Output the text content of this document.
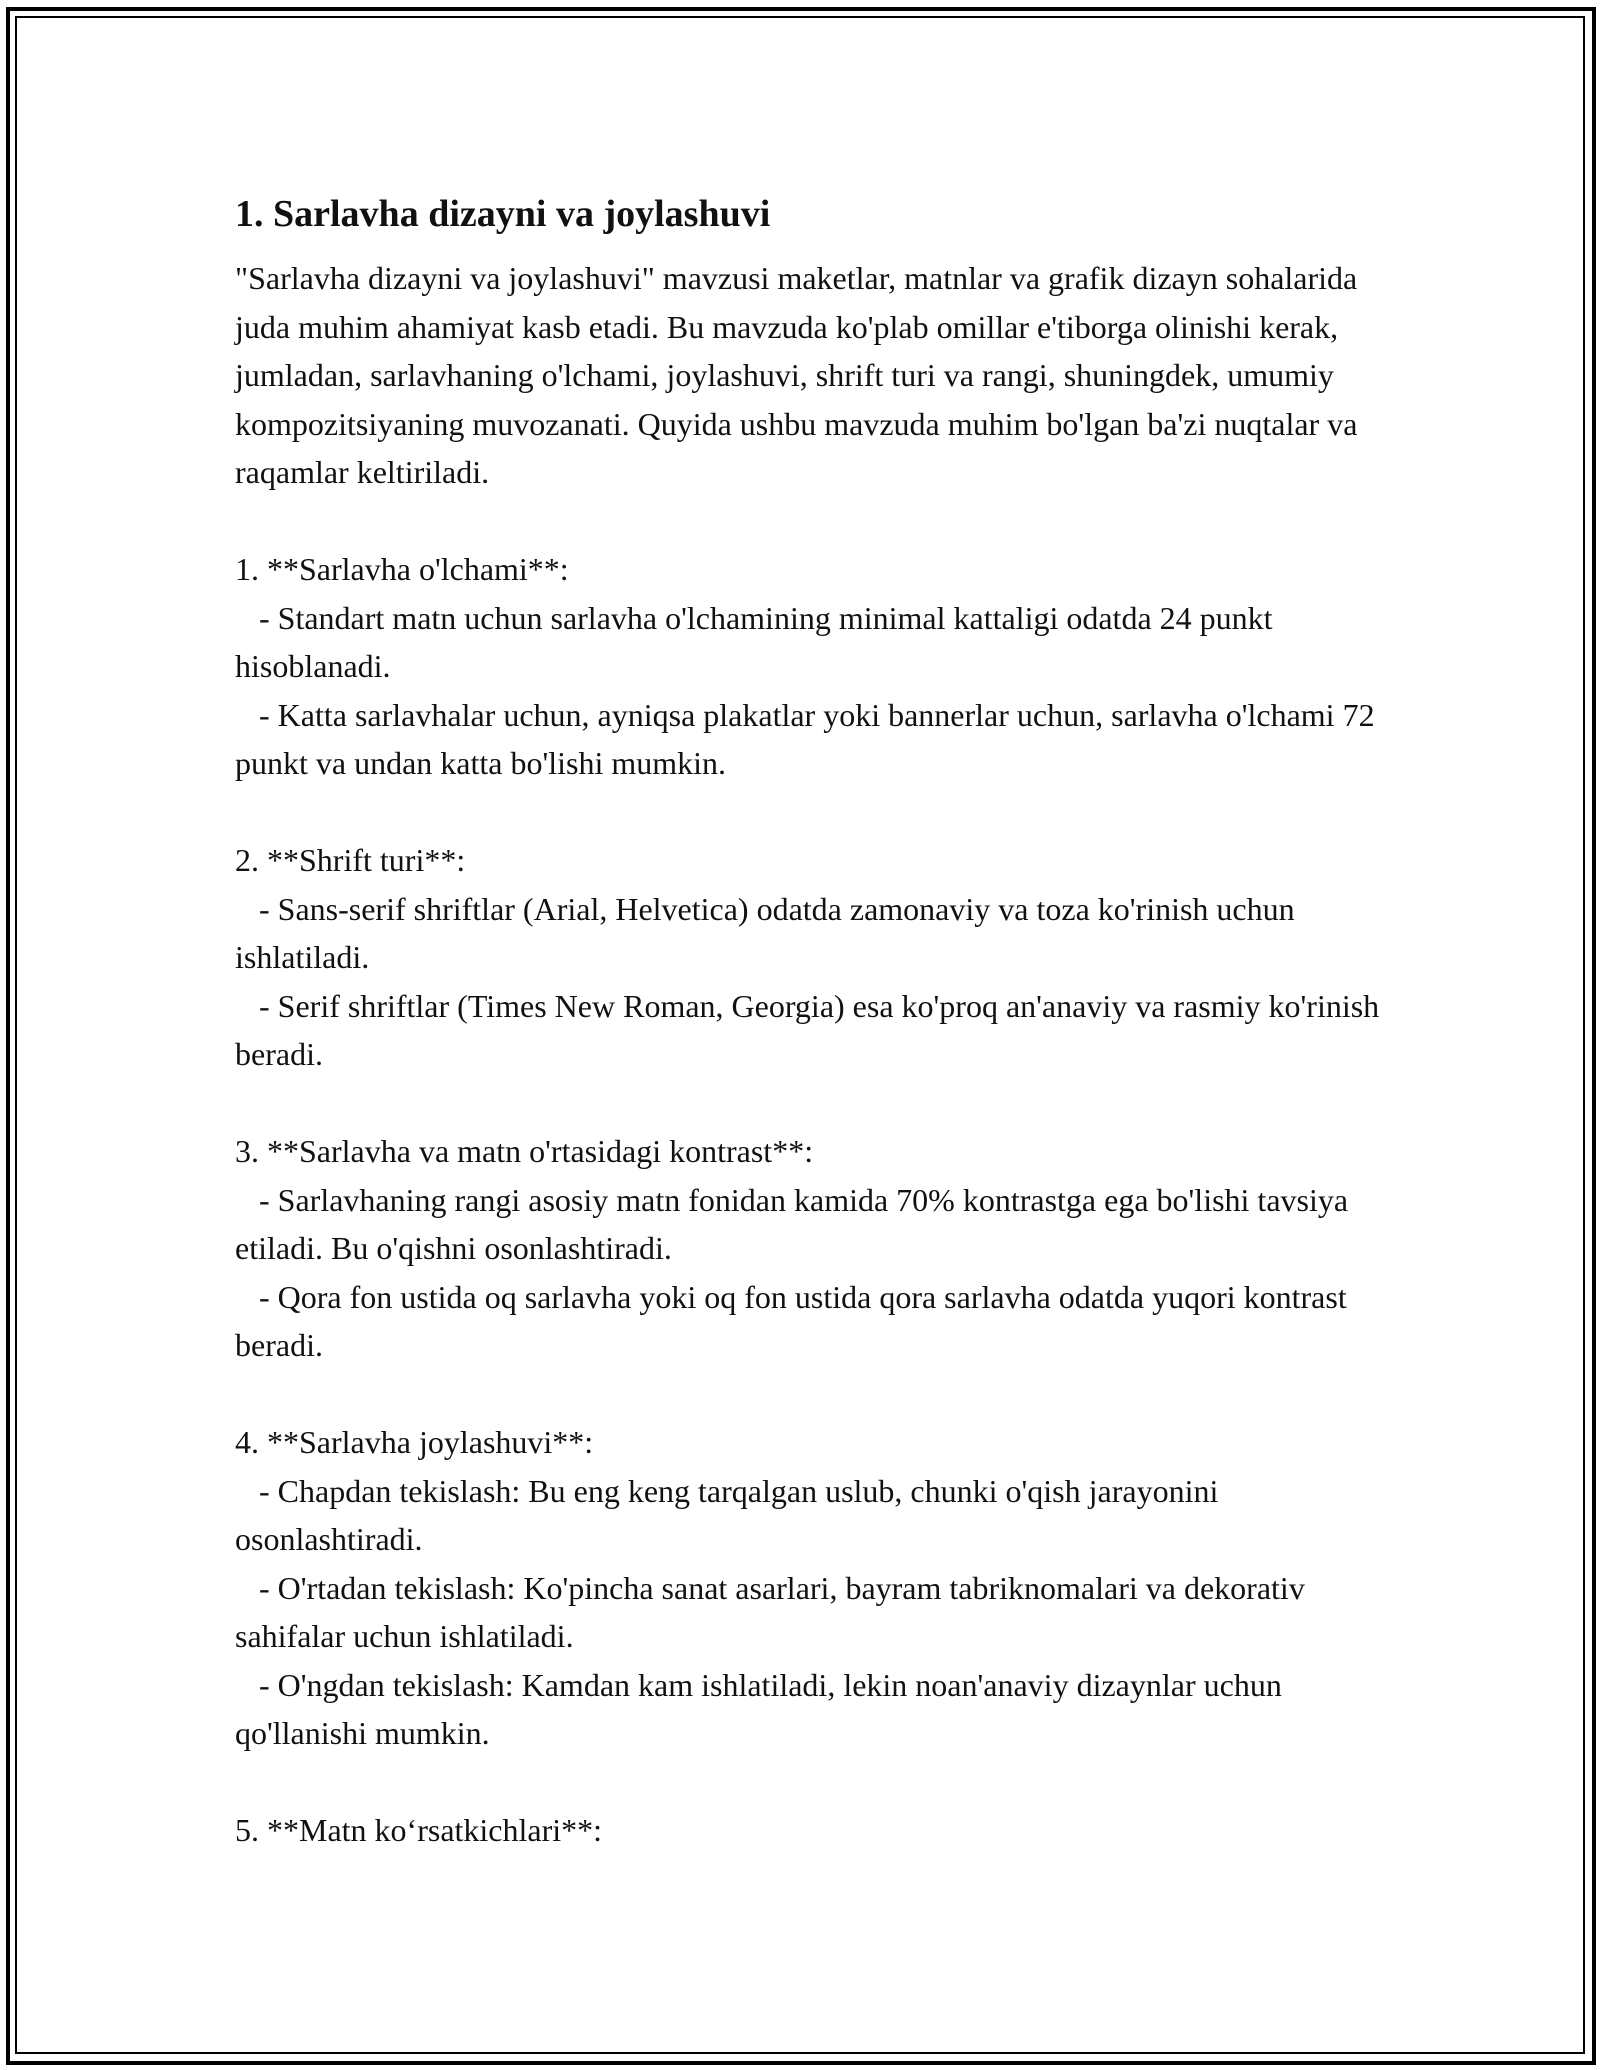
1. Sarlavha dizayni va joylashuvi

"Sarlavha dizayni va joylashuvi" mavzusi maketlar, matnlar va grafik dizayn sohalarida juda muhim ahamiyat kasb etadi. Bu mavzuda ko'plab omillar e'tiborga olinishi kerak, jumladan, sarlavhaning o'lchami, joylashuvi, shrift turi va rangi, shuningdek, umumiy kompozitsiyaning muvozanati. Quyida ushbu mavzuda muhim bo'lgan ba'zi nuqtalar va raqamlar keltiriladi.

1. **Sarlavha o'lchami**:

- Standart matn uchun sarlavha o'lchamining minimal kattaligi odatda 24 punkt hisoblanadi.

- Katta sarlavhalar uchun, ayniqsa plakatlar yoki bannerlar uchun, sarlavha o'lchami 72 punkt va undan katta bo'lishi mumkin.

2. **Shrift turi**:

- Sans-serif shriftlar (Arial, Helvetica) odatda zamonaviy va toza ko'rinish uchun ishlatiladi.

- Serif shriftlar (Times New Roman, Georgia) esa ko'proq an'anaviy va rasmiy ko'rinish beradi.

3. **Sarlavha va matn o'rtasidagi kontrast**:

- Sarlavhaning rangi asosiy matn fonidan kamida 70% kontrastga ega bo'lishi tavsiya etiladi. Bu o'qishni osonlashtiradi.

- Qora fon ustida oq sarlavha yoki oq fon ustida qora sarlavha odatda yuqori kontrast beradi.

4. **Sarlavha joylashuvi**:

- Chapdan tekislash: Bu eng keng tarqalgan uslub, chunki o'qish jarayonini osonlashtiradi.

- O'rtadan tekislash: Ko'pincha sanat asarlari, bayram tabriknomalari va dekorativ sahifalar uchun ishlatiladi.

- O'ngdan tekislash: Kamdan kam ishlatiladi, lekin noan'anaviy dizaynlar uchun qo'llanishi mumkin.

5. **Matn ko‘rsatkichlari**:
